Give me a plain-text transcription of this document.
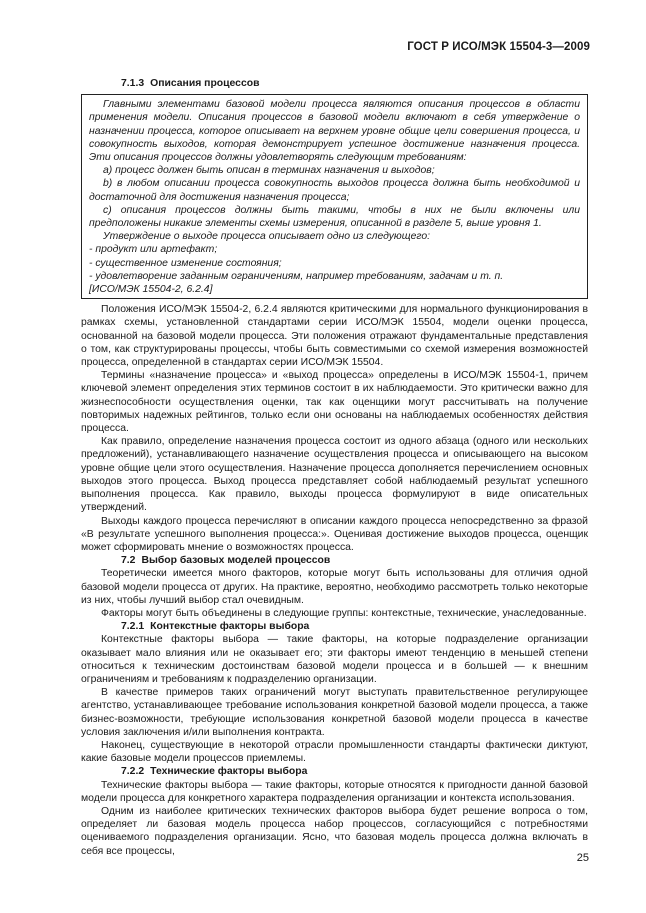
ГОСТ Р ИСО/МЭК 15504-3—2009

7.1.3 Описания процессов

Главными элементами базовой модели процесса являются описания процессов в области применения модели. Описания процессов в базовой модели включают в себя утверждение о назначении процесса, которое описывает на верхнем уровне общие цели совершения процесса, и совокупность выходов, которая демонстрирует успешное достижение назначения процесса. Эти описания процессов должны удовлетворять следующим требованиям:

а) процесс должен быть описан в терминах назначения и выходов;

b) в любом описании процесса совокупность выходов процесса должна быть необходимой и достаточной для достижения назначения процесса;

с) описания процессов должны быть такими, чтобы в них не были включены или предположены никакие элементы схемы измерения, описанной в разделе 5, выше уровня 1.

Утверждение о выходе процесса описывает одно из следующего:

- продукт или артефакт;

- существенное изменение состояния;

- удовлетворение заданным ограничениям, например требованиям, задачам и т. п.

[ИСО/МЭК 15504-2, 6.2.4]

Положения ИСО/МЭК 15504-2, 6.2.4 являются критическими для нормального функционирования в рамках схемы, установленной стандартами серии ИСО/МЭК 15504, модели оценки процесса, основанной на базовой модели процесса. Эти положения отражают фундаментальные представления о том, как структурированы процессы, чтобы быть совместимыми со схемой измерения возможностей процесса, определенной в стандартах серии ИСО/МЭК 15504.

Термины «назначение процесса» и «выход процесса» определены в ИСО/МЭК 15504-1, причем ключевой элемент определения этих терминов состоит в их наблюдаемости. Это критически важно для жизнеспособности осуществления оценки, так как оценщики могут рассчитывать на получение повторимых надежных рейтингов, только если они основаны на наблюдаемых особенностях действия процесса.

Как правило, определение назначения процесса состоит из одного абзаца (одного или нескольких предложений), устанавливающего назначение осуществления процесса и описывающего на высоком уровне общие цели этого осуществления. Назначение процесса дополняется перечислением основных выходов этого процесса. Выход процесса представляет собой наблюдаемый результат успешного выполнения процесса. Как правило, выходы процесса формулируют в виде описательных утверждений.

Выходы каждого процесса перечисляют в описании каждого процесса непосредственно за фразой «В результате успешного выполнения процесса:». Оценивая достижение выходов процесса, оценщик может сформировать мнение о возможностях процесса.

7.2 Выбор базовых моделей процессов

Теоретически имеется много факторов, которые могут быть использованы для отличия одной базовой модели процесса от других. На практике, вероятно, необходимо рассмотреть только некоторые из них, чтобы лучший выбор стал очевидным.

Факторы могут быть объединены в следующие группы: контекстные, технические, унаследованные.

7.2.1 Контекстные факторы выбора

Контекстные факторы выбора — такие факторы, на которые подразделение организации оказывает мало влияния или не оказывает его; эти факторы имеют тенденцию в меньшей степени относиться к техническим достоинствам базовой модели процесса и в большей — к внешним ограничениям и требованиям к подразделению организации.

В качестве примеров таких ограничений могут выступать правительственное регулирующее агентство, устанавливающее требование использования конкретной базовой модели процесса, а также бизнес-возможности, требующие использования конкретной базовой модели процесса в качестве условия заключения и/или выполнения контракта.

Наконец, существующие в некоторой отрасли промышленности стандарты фактически диктуют, какие базовые модели процессов приемлемы.

7.2.2 Технические факторы выбора

Технические факторы выбора — такие факторы, которые относятся к пригодности данной базовой модели процесса для конкретного характера подразделения организации и контекста использования.

Одним из наиболее критических технических факторов выбора будет решение вопроса о том, определяет ли базовая модель процесса набор процессов, согласующийся с потребностями оцениваемого подразделения организации. Ясно, что базовая модель процесса должна включать в себя все процессы,

25
